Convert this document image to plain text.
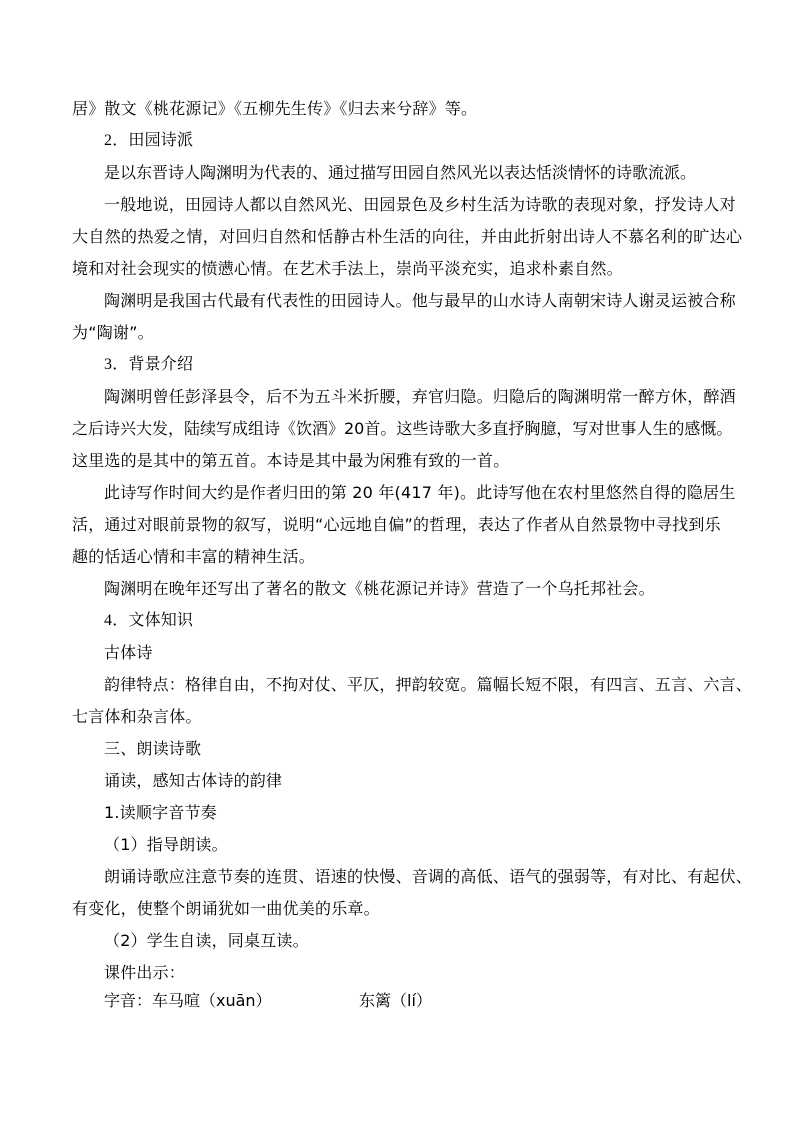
居》散文《桃花源记》《五柳先生传》《归去来兮辞》等。
2．田园诗派
是以东晋诗人陶渊明为代表的、通过描写田园自然风光以表达恬淡情怀的诗歌流派。
一般地说，田园诗人都以自然风光、田园景色及乡村生活为诗歌的表现对象，抒发诗人对
大自然的热爱之情，对回归自然和恬静古朴生活的向往，并由此折射出诗人不慕名利的旷达心
境和对社会现实的愤懑心情。在艺术手法上，崇尚平淡充实，追求朴素自然。
陶渊明是我国古代最有代表性的田园诗人。他与最早的山水诗人南朝宋诗人谢灵运被合称
为“陶谢”。
3．背景介绍
陶渊明曾任彭泽县令，后不为五斗米折腰，弃官归隐。归隐后的陶渊明常一醉方休，醉酒
之后诗兴大发，陆续写成组诗《饮酒》20首。这些诗歌大多直抒胸臆，写对世事人生的感慨。
这里选的是其中的第五首。本诗是其中最为闲雅有致的一首。
此诗写作时间大约是作者归田的第 20 年(417 年)。此诗写他在农村里悠然自得的隐居生
活，通过对眼前景物的叙写，说明“心远地自偏”的哲理，表达了作者从自然景物中寻找到乐
趣的恬适心情和丰富的精神生活。
陶渊明在晚年还写出了著名的散文《桃花源记并诗》营造了一个乌托邦社会。
4．文体知识
古体诗
韵律特点：格律自由，不拘对仗、平仄，押韵较宽。篇幅长短不限，有四言、五言、六言、
七言体和杂言体。
三、朗读诗歌
诵读，感知古体诗的韵律
1.读顺字音节奏
（1）指导朗读。
朗诵诗歌应注意节奏的连贯、语速的快慢、音调的高低、语气的强弱等，有对比、有起伏、
有变化，使整个朗诵犹如一曲优美的乐章。
（2）学生自读，同桌互读。
课件出示：
字音：车马喧（xuān）	东篱（lí）
